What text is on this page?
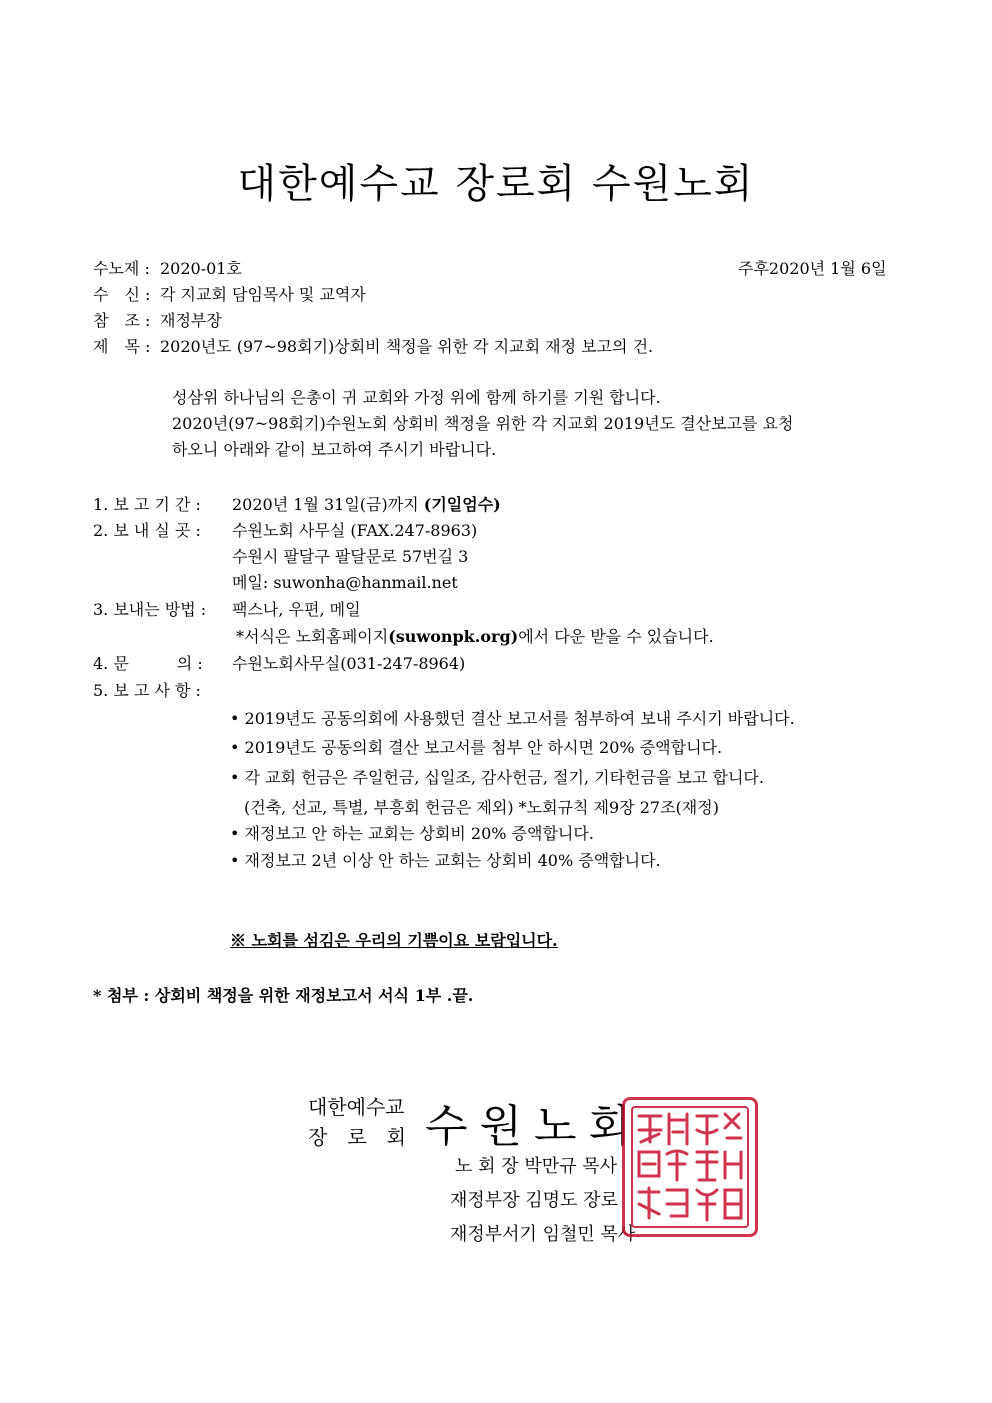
대한예수교 장로회 수원노회
수노제 : 2020-01호	주후2020년 1월 6일
수　신 : 각 지교회 담임목사 및 교역자
참　조 : 재정부장
제　목 : 2020년도 (97~98회기)상회비 책정을 위한 각 지교회 재정 보고의 건.
성삼위 하나님의 은총이 귀 교회와 가정 위에 함께 하기를 기원 합니다.
2020년(97~98회기)수원노회 상회비 책정을 위한 각 지교회 2019년도 결산보고를 요청
하오니 아래와 같이 보고하여 주시기 바랍니다.
1. 보 고 기 간 : 2020년 1월 31일(금)까지 (기일엄수)
2. 보 내 실 곳 : 수원노회 사무실 (FAX.247-8963)
수원시 팔달구 팔달문로 57번길 3
메일: suwonha@hanmail.net
3. 보내는 방법 : 팩스나, 우편, 메일
*서식은 노회홈페이지(suwonpk.org)에서 다운 받을 수 있습니다.
4. 문　　　의 : 수원노회사무실(031-247-8964)
5. 보 고 사 항 :
• 2019년도 공동의회에 사용했던 결산 보고서를 첨부하여 보내 주시기 바랍니다.
• 2019년도 공동의회 결산 보고서를 첨부 안 하시면 20% 증액합니다.
• 각 교회 헌금은 주일헌금, 십일조, 감사헌금, 절기, 기타헌금을 보고 합니다.
(건축, 선교, 특별, 부흥회 헌금은 제외) *노회규칙 제9장 27조(재정)
• 재정보고 안 하는 교회는 상회비 20% 증액합니다.
• 재정보고 2년 이상 안 하는 교회는 상회비 40% 증액합니다.
※ 노회를 섬김은 우리의 기쁨이요 보람입니다.
* 첨부 : 상회비 책정을 위한 재정보고서 서식 1부 .끝.
대한예수교
장　로　회 수원노회
노 회 장 박만규 목사
재정부장 김명도 장로
재정부서기 임철민 목사
